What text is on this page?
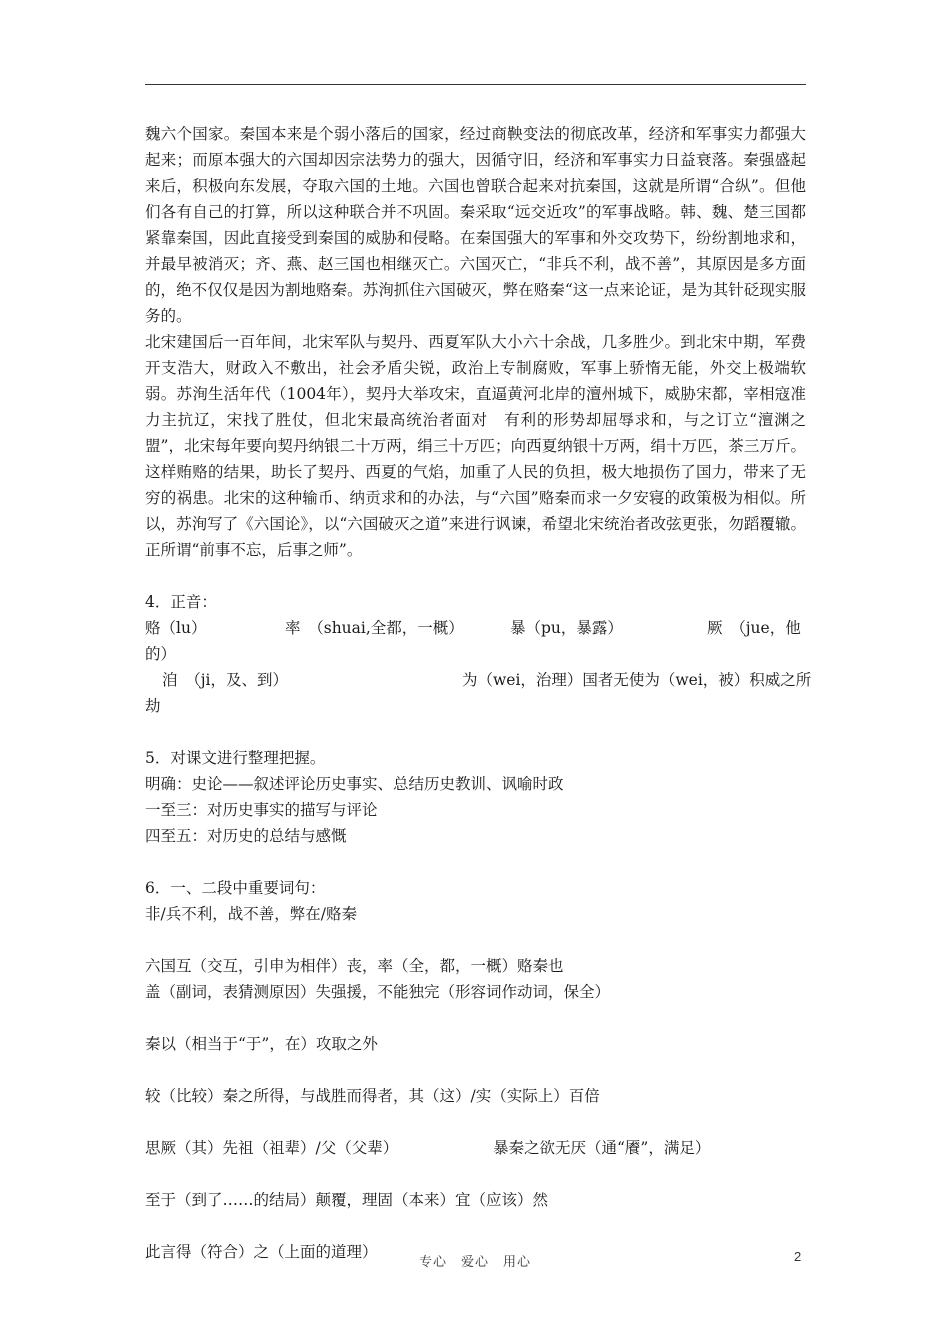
魏六个国家。秦国本来是个弱小落后的国家，经过商鞅变法的彻底改革，经济和军事实力都强大起来；而原本强大的六国却因宗法势力的强大，因循守旧，经济和军事实力日益衰落。秦强盛起来后，积极向东发展，夺取六国的土地。六国也曾联合起来对抗秦国，这就是所谓“合纵”。但他们各有自己的打算，所以这种联合并不巩固。秦采取“远交近攻”的军事战略。韩、魏、楚三国都紧靠秦国，因此直接受到秦国的威胁和侵略。在秦国强大的军事和外交攻势下，纷纷割地求和，并最早被消灭；齐、燕、赵三国也相继灭亡。六国灭亡，“非兵不利，战不善”，其原因是多方面的，绝不仅仅是因为割地赂秦。苏洵抓住六国破灭，弊在赂秦“这一点来论证，是为其针砭现实服务的。

北宋建国后一百年间，北宋军队与契丹、西夏军队大小六十余战，几多胜少。到北宋中期，军费开支浩大，财政入不敷出，社会矛盾尖锐，政治上专制腐败，军事上骄惰无能，外交上极端软弱。苏洵生活年代（1004年），契丹大举攻宋，直逼黄河北岸的澶州城下，威胁宋都，宰相寇准力主抗辽，宋找了胜仗，但北宋最高统治者面对　有利的形势却屈辱求和，与之订立“澶渊之盟”，北宋每年要向契丹纳银二十万两，绢三十万匹；向西夏纳银十万两，绢十万匹，茶三万斤。这样贿赂的结果，助长了契丹、西夏的气焰，加重了人民的负担，极大地损伤了国力，带来了无穷的祸患。北宋的这种输币、纳贡求和的办法，与“六国”赂秦而求一夕安寝的政策极为相似。所以，苏洵写了《六国论》，以“六国破灭之道”来进行讽谏，希望北宋统治者改弦更张，勿蹈覆辙。正所谓“前事不忘，后事之师”。

4．正音：
赂（lu）	率　（shuai,全都，一概）	暴（pu，暴露）	厥　（jue，他
的）
洎　（ji，及、到）	为（wei，治理）国者无使为（wei，被）积威之所
劫
5．对课文进行整理把握。
明确：史论——叙述评论历史事实、总结历史教训、讽喻时政
一至三：对历史事实的描写与评论
四至五：对历史的总结与感慨
6．一、二段中重要词句：
非/兵不利，战不善，弊在/赂秦
六国互（交互，引申为相伴）丧，率（全，都，一概）赂秦也
盖（副词，表猜测原因）失强援，不能独完（形容词作动词，保全）
秦以（相当于“于”，在）攻取之外
较（比较）秦之所得，与战胜而得者，其（这）/实（实际上）百倍
思厥（其）先祖（祖辈）/父（父辈）	暴秦之欲无厌（通“餍”，满足）
至于（到了……的结局）颠覆，理固（本来）宜（应该）然
此言得（符合）之（上面的道理）
专心　爱心　用心	2
